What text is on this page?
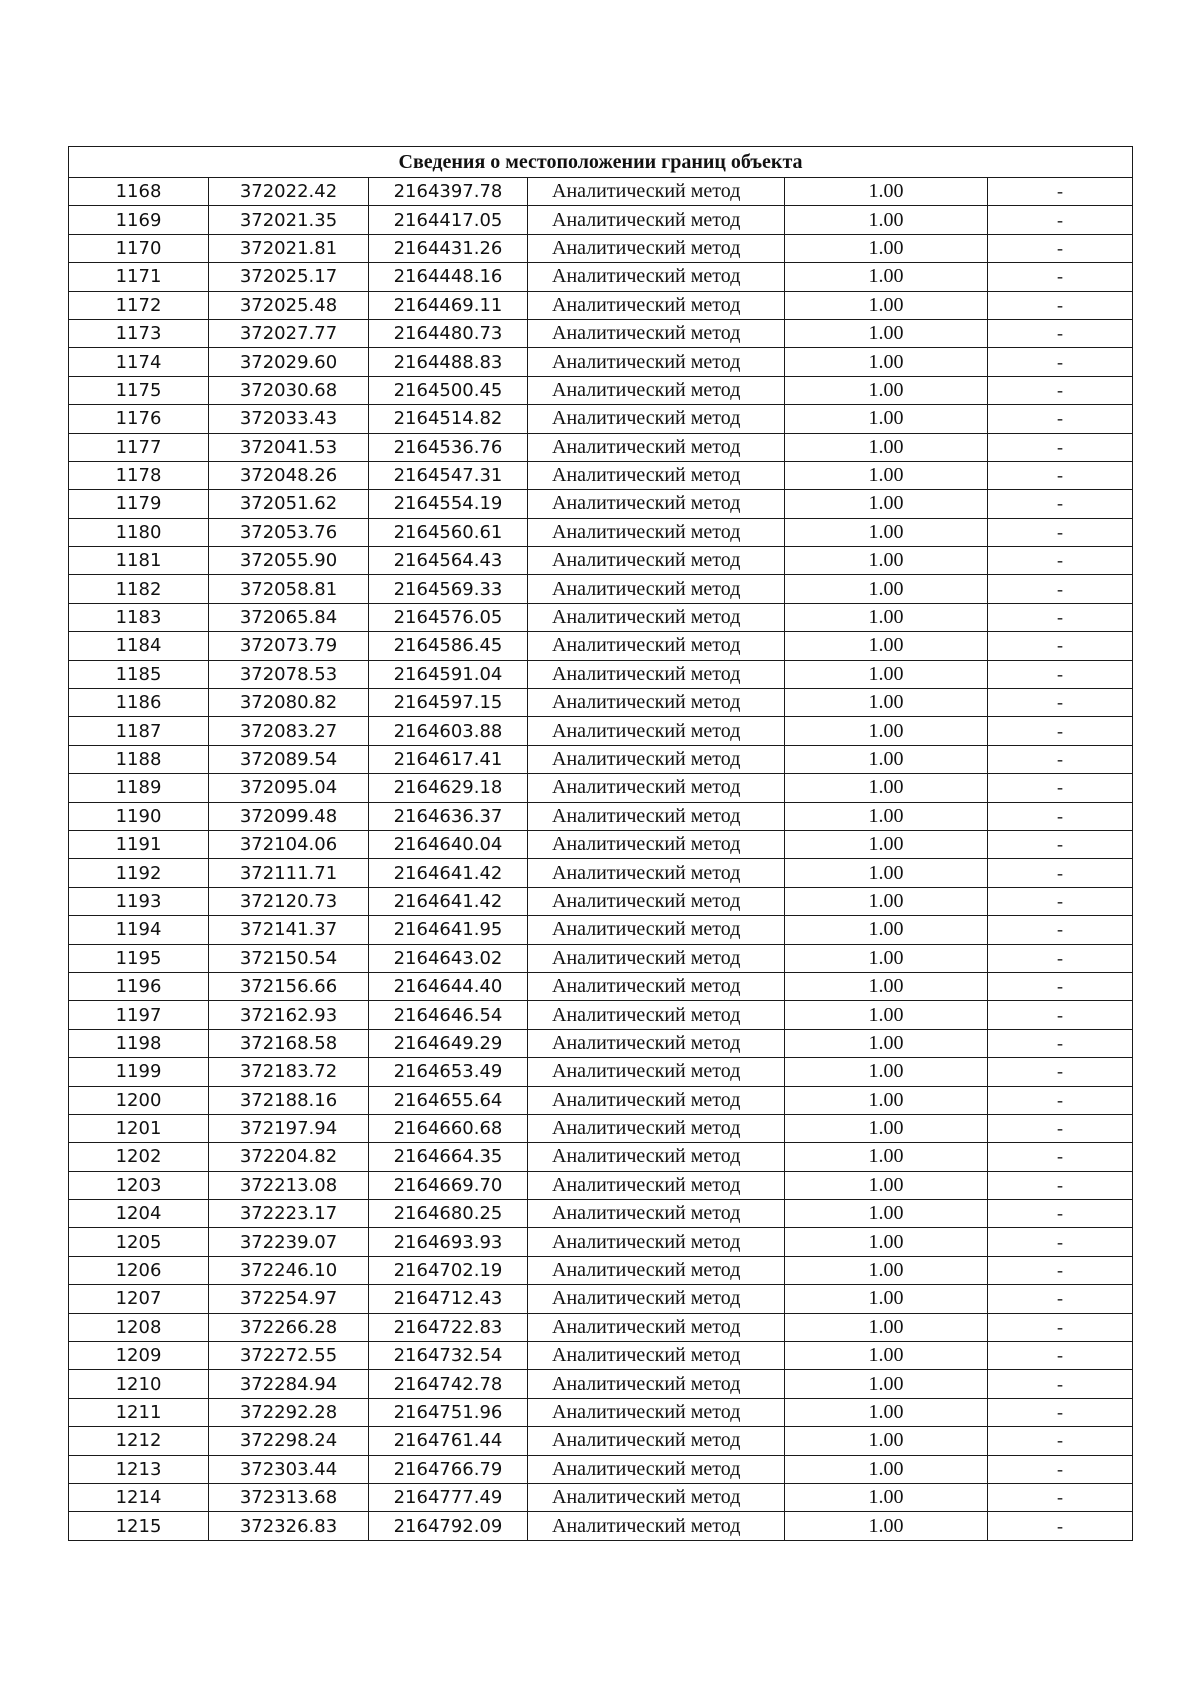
Сведения о местоположении границ объекта					
1168	372022.42	2164397.78	Аналитический метод	1.00	-
1169	372021.35	2164417.05	Аналитический метод	1.00	-
1170	372021.81	2164431.26	Аналитический метод	1.00	-
1171	372025.17	2164448.16	Аналитический метод	1.00	-
1172	372025.48	2164469.11	Аналитический метод	1.00	-
1173	372027.77	2164480.73	Аналитический метод	1.00	-
1174	372029.60	2164488.83	Аналитический метод	1.00	-
1175	372030.68	2164500.45	Аналитический метод	1.00	-
1176	372033.43	2164514.82	Аналитический метод	1.00	-
1177	372041.53	2164536.76	Аналитический метод	1.00	-
1178	372048.26	2164547.31	Аналитический метод	1.00	-
1179	372051.62	2164554.19	Аналитический метод	1.00	-
1180	372053.76	2164560.61	Аналитический метод	1.00	-
1181	372055.90	2164564.43	Аналитический метод	1.00	-
1182	372058.81	2164569.33	Аналитический метод	1.00	-
1183	372065.84	2164576.05	Аналитический метод	1.00	-
1184	372073.79	2164586.45	Аналитический метод	1.00	-
1185	372078.53	2164591.04	Аналитический метод	1.00	-
1186	372080.82	2164597.15	Аналитический метод	1.00	-
1187	372083.27	2164603.88	Аналитический метод	1.00	-
1188	372089.54	2164617.41	Аналитический метод	1.00	-
1189	372095.04	2164629.18	Аналитический метод	1.00	-
1190	372099.48	2164636.37	Аналитический метод	1.00	-
1191	372104.06	2164640.04	Аналитический метод	1.00	-
1192	372111.71	2164641.42	Аналитический метод	1.00	-
1193	372120.73	2164641.42	Аналитический метод	1.00	-
1194	372141.37	2164641.95	Аналитический метод	1.00	-
1195	372150.54	2164643.02	Аналитический метод	1.00	-
1196	372156.66	2164644.40	Аналитический метод	1.00	-
1197	372162.93	2164646.54	Аналитический метод	1.00	-
1198	372168.58	2164649.29	Аналитический метод	1.00	-
1199	372183.72	2164653.49	Аналитический метод	1.00	-
1200	372188.16	2164655.64	Аналитический метод	1.00	-
1201	372197.94	2164660.68	Аналитический метод	1.00	-
1202	372204.82	2164664.35	Аналитический метод	1.00	-
1203	372213.08	2164669.70	Аналитический метод	1.00	-
1204	372223.17	2164680.25	Аналитический метод	1.00	-
1205	372239.07	2164693.93	Аналитический метод	1.00	-
1206	372246.10	2164702.19	Аналитический метод	1.00	-
1207	372254.97	2164712.43	Аналитический метод	1.00	-
1208	372266.28	2164722.83	Аналитический метод	1.00	-
1209	372272.55	2164732.54	Аналитический метод	1.00	-
1210	372284.94	2164742.78	Аналитический метод	1.00	-
1211	372292.28	2164751.96	Аналитический метод	1.00	-
1212	372298.24	2164761.44	Аналитический метод	1.00	-
1213	372303.44	2164766.79	Аналитический метод	1.00	-
1214	372313.68	2164777.49	Аналитический метод	1.00	-
1215	372326.83	2164792.09	Аналитический метод	1.00	-
